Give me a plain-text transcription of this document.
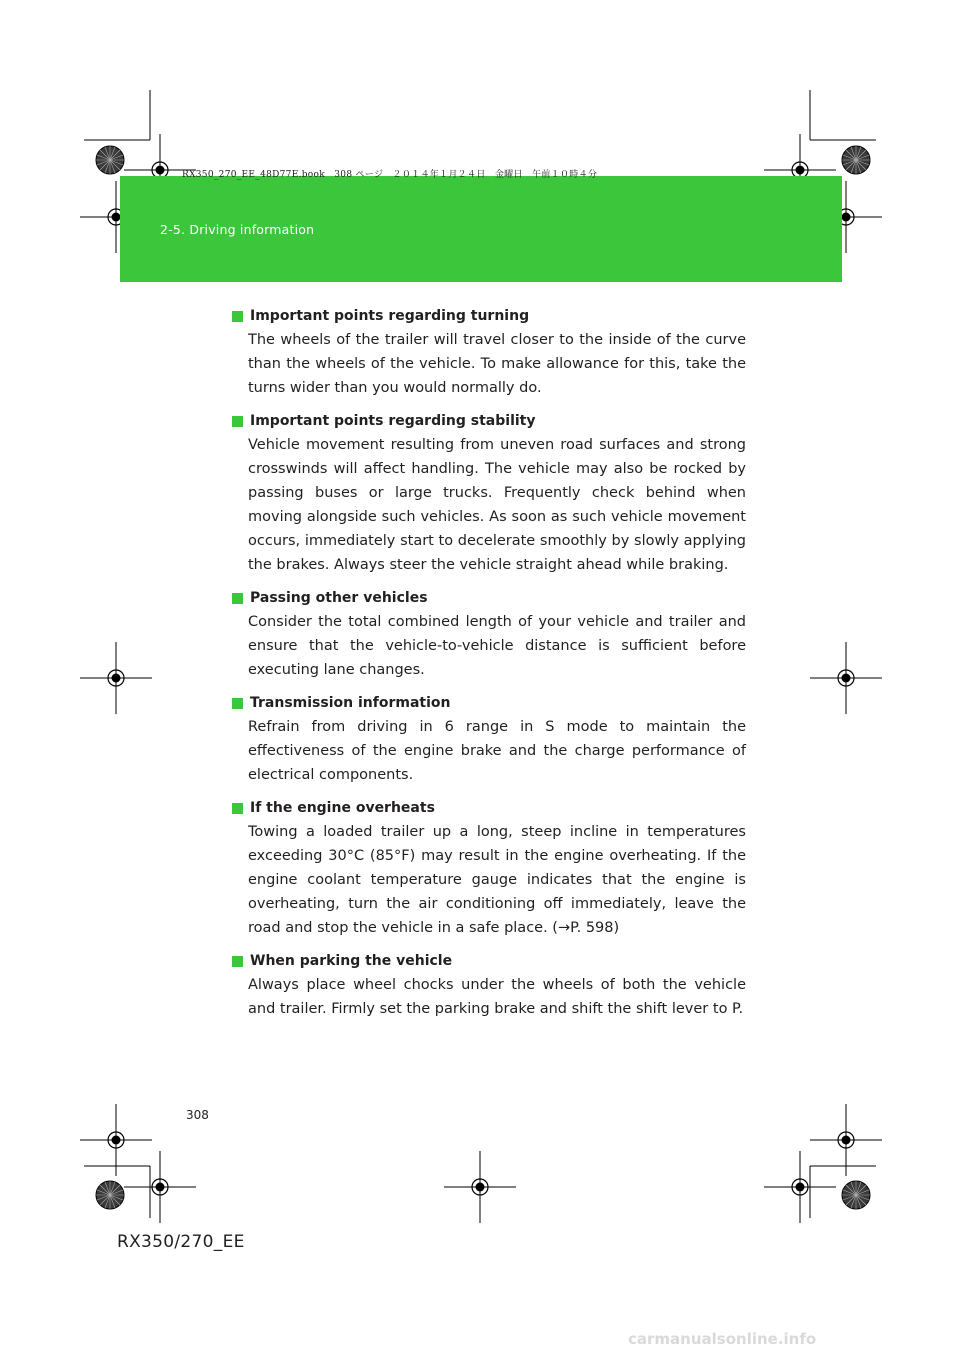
RX350_270_EE_48D77E.book　308 ページ　２０１４年１月２４日　金曜日　午前１０時４分
2-5. Driving information
Important points regarding turning
The wheels of the trailer will travel closer to the inside of the curve than the wheels of the vehicle. To make allowance for this, take the turns wider than you would normally do.
Important points regarding stability
Vehicle movement resulting from uneven road surfaces and strong crosswinds will affect handling. The vehicle may also be rocked by passing buses or large trucks. Frequently check behind when moving alongside such vehicles. As soon as such vehicle movement occurs, immediately start to decelerate smoothly by slowly applying the brakes. Always steer the vehicle straight ahead while braking.
Passing other vehicles
Consider the total combined length of your vehicle and trailer and ensure that the vehicle-to-vehicle distance is sufficient before executing lane changes.
Transmission information
Refrain from driving in 6 range in S mode to maintain the effectiveness of the engine brake and the charge performance of electrical components.
If the engine overheats
Towing a loaded trailer up a long, steep incline in temperatures exceeding 30°C (85°F) may result in the engine overheating. If the engine coolant temperature gauge indicates that the engine is overheating, turn the air conditioning off immediately, leave the road and stop the vehicle in a safe place. (→P. 598)
When parking the vehicle
Always place wheel chocks under the wheels of both the vehicle and trailer. Firmly set the parking brake and shift the shift lever to P.
308
RX350/270_EE
carmanualsonline.info
